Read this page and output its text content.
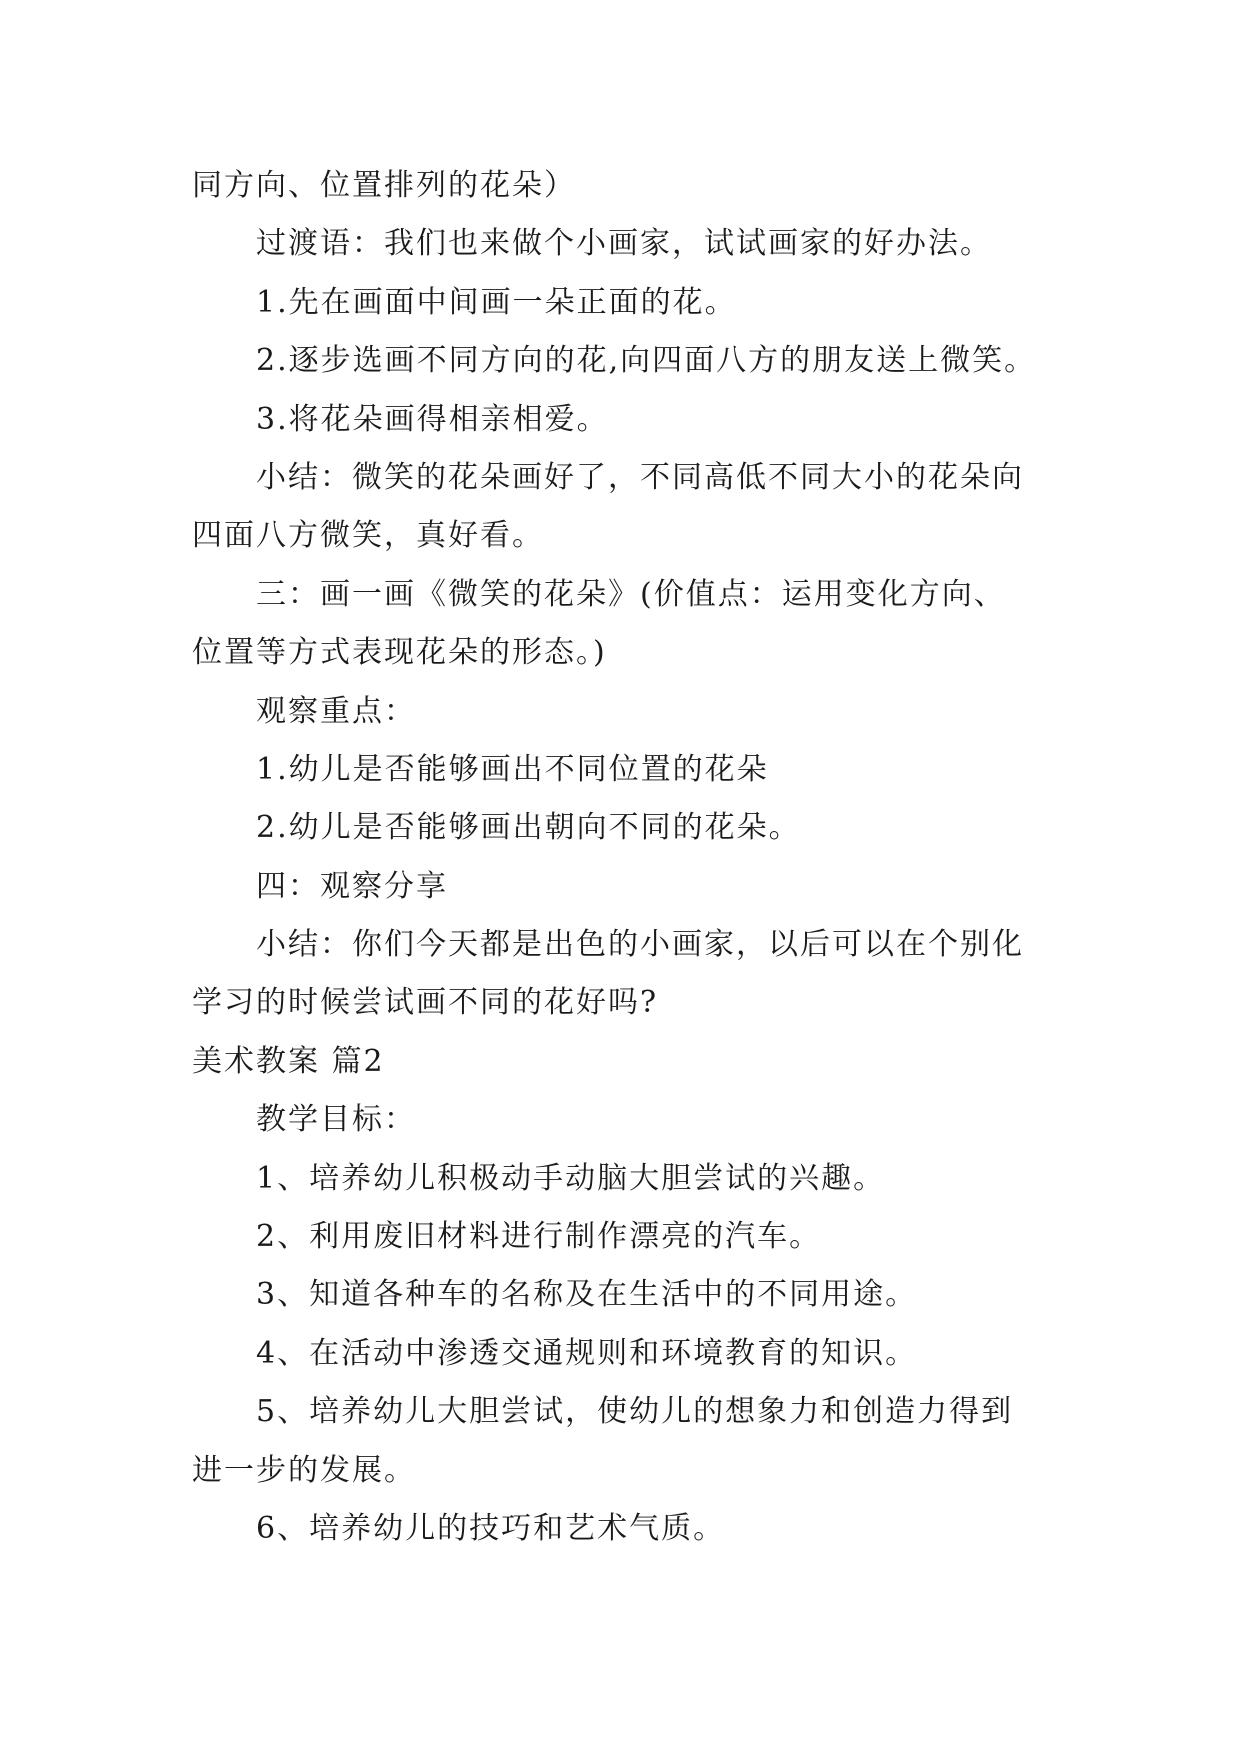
同方向、位置排列的花朵）
过渡语：我们也来做个小画家，试试画家的好办法。
1.先在画面中间画一朵正面的花。
2.逐步选画不同方向的花,向四面八方的朋友送上微笑。
3.将花朵画得相亲相爱。
小结：微笑的花朵画好了，不同高低不同大小的花朵向
四面八方微笑，真好看。
三：画一画《微笑的花朵》(价值点：运用变化方向、
位置等方式表现花朵的形态。)
观察重点：
1.幼儿是否能够画出不同位置的花朵
2.幼儿是否能够画出朝向不同的花朵。
四：观察分享
小结：你们今天都是出色的小画家，以后可以在个别化
学习的时候尝试画不同的花好吗?
美术教案 篇2
教学目标：
1、培养幼儿积极动手动脑大胆尝试的兴趣。
2、利用废旧材料进行制作漂亮的汽车。
3、知道各种车的名称及在生活中的不同用途。
4、在活动中渗透交通规则和环境教育的知识。
5、培养幼儿大胆尝试，使幼儿的想象力和创造力得到
进一步的发展。
6、培养幼儿的技巧和艺术气质。
